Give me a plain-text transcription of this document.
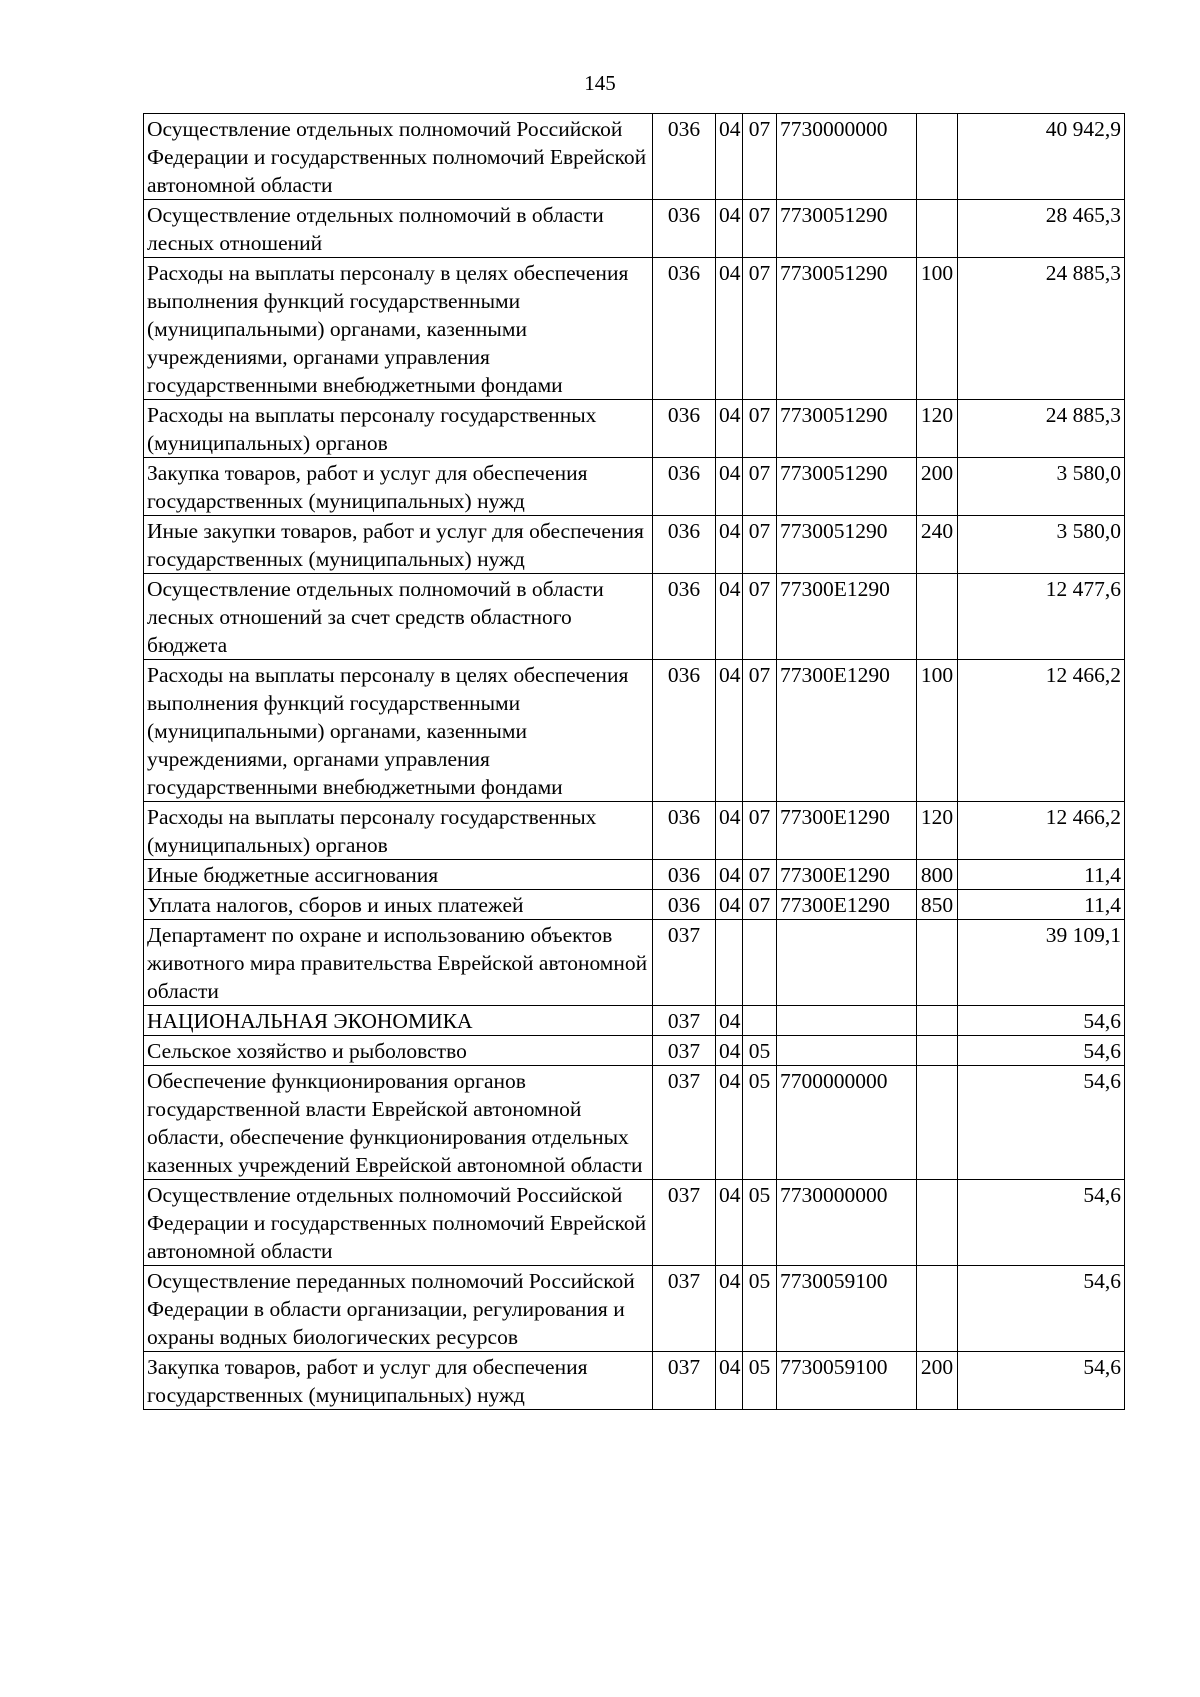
145
Осуществление отдельных полномочий Российской Федерации и государственных полномочий Еврейской автономной области	036	04	07	7730000000		40 942,9
Осуществление отдельных полномочий в области лесных отношений	036	04	07	7730051290		28 465,3
Расходы на выплаты персоналу в целях обеспечения выполнения функций государственными (муниципальными) органами, казенными учреждениями, органами управления государственными внебюджетными фондами	036	04	07	7730051290	100	24 885,3
Расходы на выплаты персоналу государственных (муниципальных) органов	036	04	07	7730051290	120	24 885,3
Закупка товаров, работ и услуг для обеспечения государственных (муниципальных) нужд	036	04	07	7730051290	200	3 580,0
Иные закупки товаров, работ и услуг для обеспечения государственных (муниципальных) нужд	036	04	07	7730051290	240	3 580,0
Осуществление отдельных полномочий в области лесных отношений за счет средств областного бюджета	036	04	07	77300Е1290		12 477,6
Расходы на выплаты персоналу в целях обеспечения выполнения функций государственными (муниципальными) органами, казенными учреждениями, органами управления государственными внебюджетными фондами	036	04	07	77300Е1290	100	12 466,2
Расходы на выплаты персоналу государственных (муниципальных) органов	036	04	07	77300Е1290	120	12 466,2
Иные бюджетные ассигнования	036	04	07	77300Е1290	800	11,4
Уплата налогов, сборов и иных платежей	036	04	07	77300Е1290	850	11,4
Департамент по охране и использованию объектов животного мира правительства Еврейской автономной области	037					39 109,1
НАЦИОНАЛЬНАЯ ЭКОНОМИКА	037	04				54,6
Сельское хозяйство и рыболовство	037	04	05			54,6
Обеспечение функционирования органов государственной власти Еврейской автономной области, обеспечение функционирования отдельных казенных учреждений Еврейской автономной области	037	04	05	7700000000		54,6
Осуществление отдельных полномочий Российской Федерации и государственных полномочий Еврейской автономной области	037	04	05	7730000000		54,6
Осуществление переданных полномочий Российской Федерации в области организации, регулирования и охраны водных биологических ресурсов	037	04	05	7730059100		54,6
Закупка товаров, работ и услуг для обеспечения государственных (муниципальных) нужд	037	04	05	7730059100	200	54,6
